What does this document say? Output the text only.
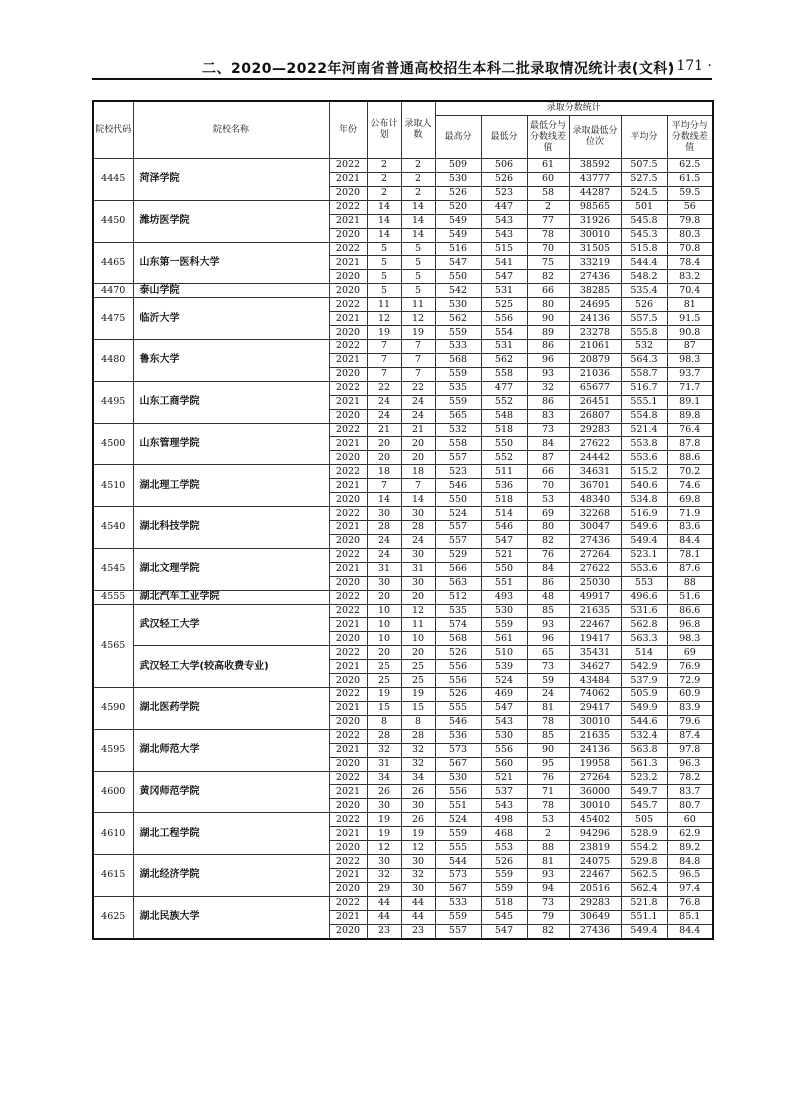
二、2020—2022年河南省普通高校招生本科二批录取情况统计表(文科)
· 171 ·
院校代码	院校名称	年份	公布计划	录取人数	录取分数统计					
					最高分	最低分	最低分与分数线差值	录取最低分位次	平均分	平均分与分数线差值
4445	菏泽学院	2022	2	2	509	506	61	38592	507.5	62.5
		2021	2	2	530	526	60	43777	527.5	61.5
		2020	2	2	526	523	58	44287	524.5	59.5
4450	潍坊医学院	2022	14	14	520	447	2	98565	501	56
		2021	14	14	549	543	77	31926	545.8	79.8
		2020	14	14	549	543	78	30010	545.3	80.3
4465	山东第一医科大学	2022	5	5	516	515	70	31505	515.8	70.8
		2021	5	5	547	541	75	33219	544.4	78.4
		2020	5	5	550	547	82	27436	548.2	83.2
4470	泰山学院	2020	5	5	542	531	66	38285	535.4	70.4
4475	临沂大学	2022	11	11	530	525	80	24695	526	81
		2021	12	12	562	556	90	24136	557.5	91.5
		2020	19	19	559	554	89	23278	555.8	90.8
4480	鲁东大学	2022	7	7	533	531	86	21061	532	87
		2021	7	7	568	562	96	20879	564.3	98.3
		2020	7	7	559	558	93	21036	558.7	93.7
4495	山东工商学院	2022	22	22	535	477	32	65677	516.7	71.7
		2021	24	24	559	552	86	26451	555.1	89.1
		2020	24	24	565	548	83	26807	554.8	89.8
4500	山东管理学院	2022	21	21	532	518	73	29283	521.4	76.4
		2021	20	20	558	550	84	27622	553.8	87.8
		2020	20	20	557	552	87	24442	553.6	88.6
4510	湖北理工学院	2022	18	18	523	511	66	34631	515.2	70.2
		2021	7	7	546	536	70	36701	540.6	74.6
		2020	14	14	550	518	53	48340	534.8	69.8
4540	湖北科技学院	2022	30	30	524	514	69	32268	516.9	71.9
		2021	28	28	557	546	80	30047	549.6	83.6
		2020	24	24	557	547	82	27436	549.4	84.4
4545	湖北文理学院	2022	24	30	529	521	76	27264	523.1	78.1
		2021	31	31	566	550	84	27622	553.6	87.6
		2020	30	30	563	551	86	25030	553	88
4555	湖北汽车工业学院	2022	20	20	512	493	48	49917	496.6	51.6
4565	武汉轻工大学	2022	10	12	535	530	85	21635	531.6	86.6
		2021	10	11	574	559	93	22467	562.8	96.8
		2020	10	10	568	561	96	19417	563.3	98.3
	武汉轻工大学(较高收费专业)	2022	20	20	526	510	65	35431	514	69
		2021	25	25	556	539	73	34627	542.9	76.9
		2020	25	25	556	524	59	43484	537.9	72.9
4590	湖北医药学院	2022	19	19	526	469	24	74062	505.9	60.9
		2021	15	15	555	547	81	29417	549.9	83.9
		2020	8	8	546	543	78	30010	544.6	79.6
4595	湖北师范大学	2022	28	28	536	530	85	21635	532.4	87.4
		2021	32	32	573	556	90	24136	563.8	97.8
		2020	31	32	567	560	95	19958	561.3	96.3
4600	黄冈师范学院	2022	34	34	530	521	76	27264	523.2	78.2
		2021	26	26	556	537	71	36000	549.7	83.7
		2020	30	30	551	543	78	30010	545.7	80.7
4610	湖北工程学院	2022	19	26	524	498	53	45402	505	60
		2021	19	19	559	468	2	94296	528.9	62.9
		2020	12	12	555	553	88	23819	554.2	89.2
4615	湖北经济学院	2022	30	30	544	526	81	24075	529.8	84.8
		2021	32	32	573	559	93	22467	562.5	96.5
		2020	29	30	567	559	94	20516	562.4	97.4
4625	湖北民族大学	2022	44	44	533	518	73	29283	521.8	76.8
		2021	44	44	559	545	79	30649	551.1	85.1
		2020	23	23	557	547	82	27436	549.4	84.4
